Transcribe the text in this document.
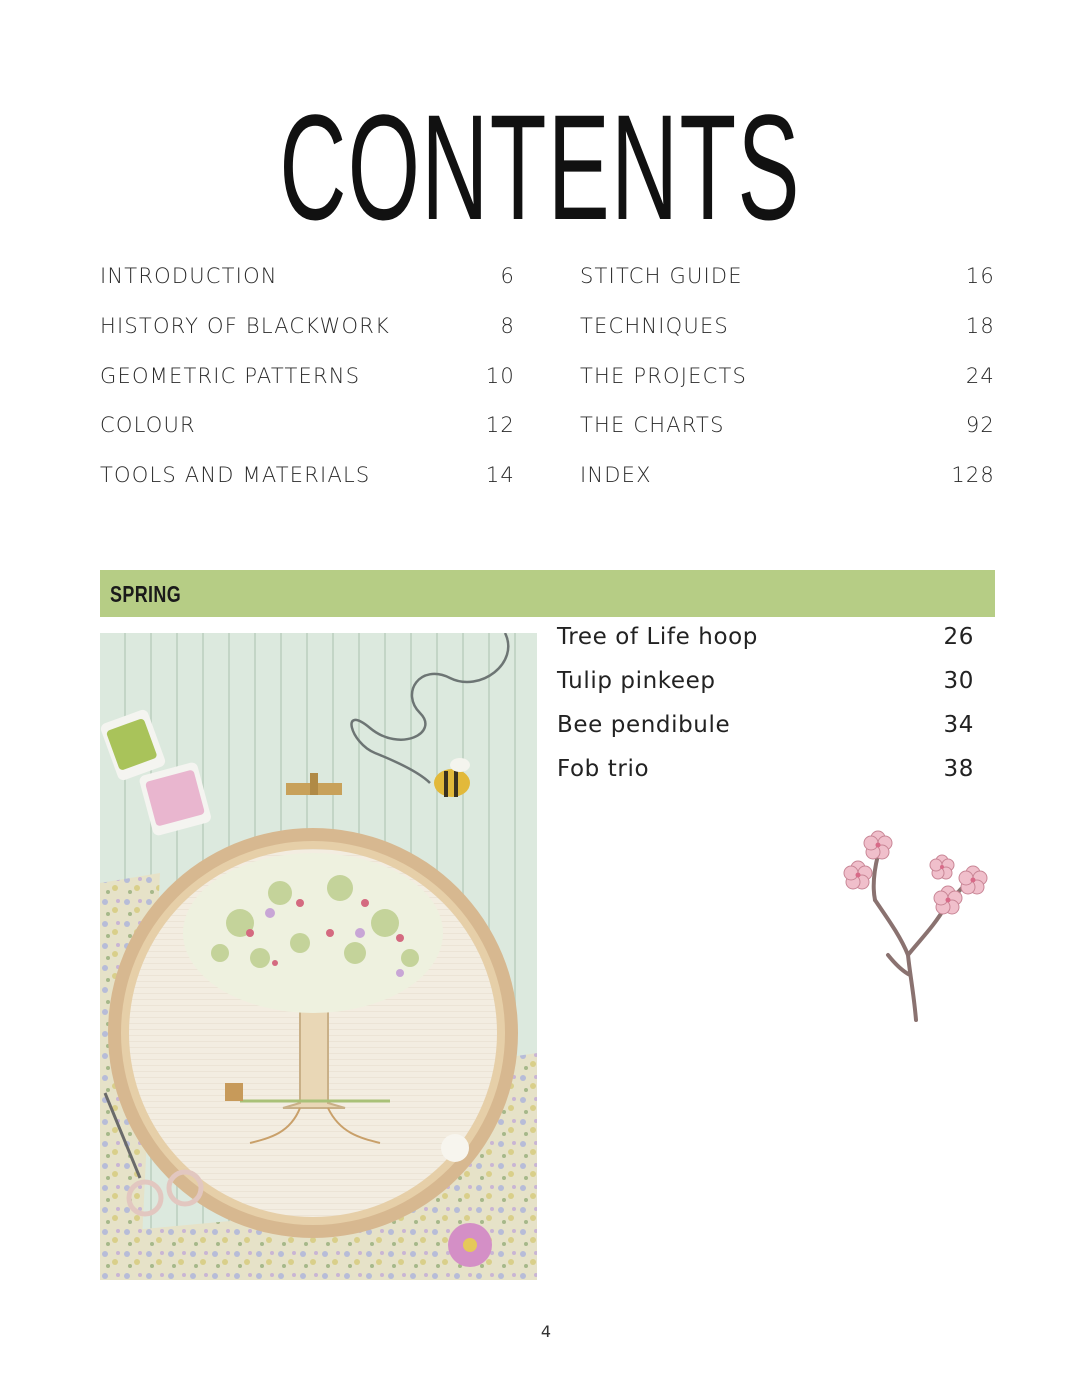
CONTENTS
INTRODUCTION	6
HISTORY OF BLACKWORK	8
GEOMETRIC PATTERNS	10
COLOUR	12
TOOLS AND MATERIALS	14
STITCH GUIDE	16
TECHNIQUES	18
THE PROJECTS	24
THE CHARTS	92
INDEX	128
SPRING
Tree of Life hoop	26
Tulip pinkeep	30
Bee pendibule	34
Fob trio	38
4
